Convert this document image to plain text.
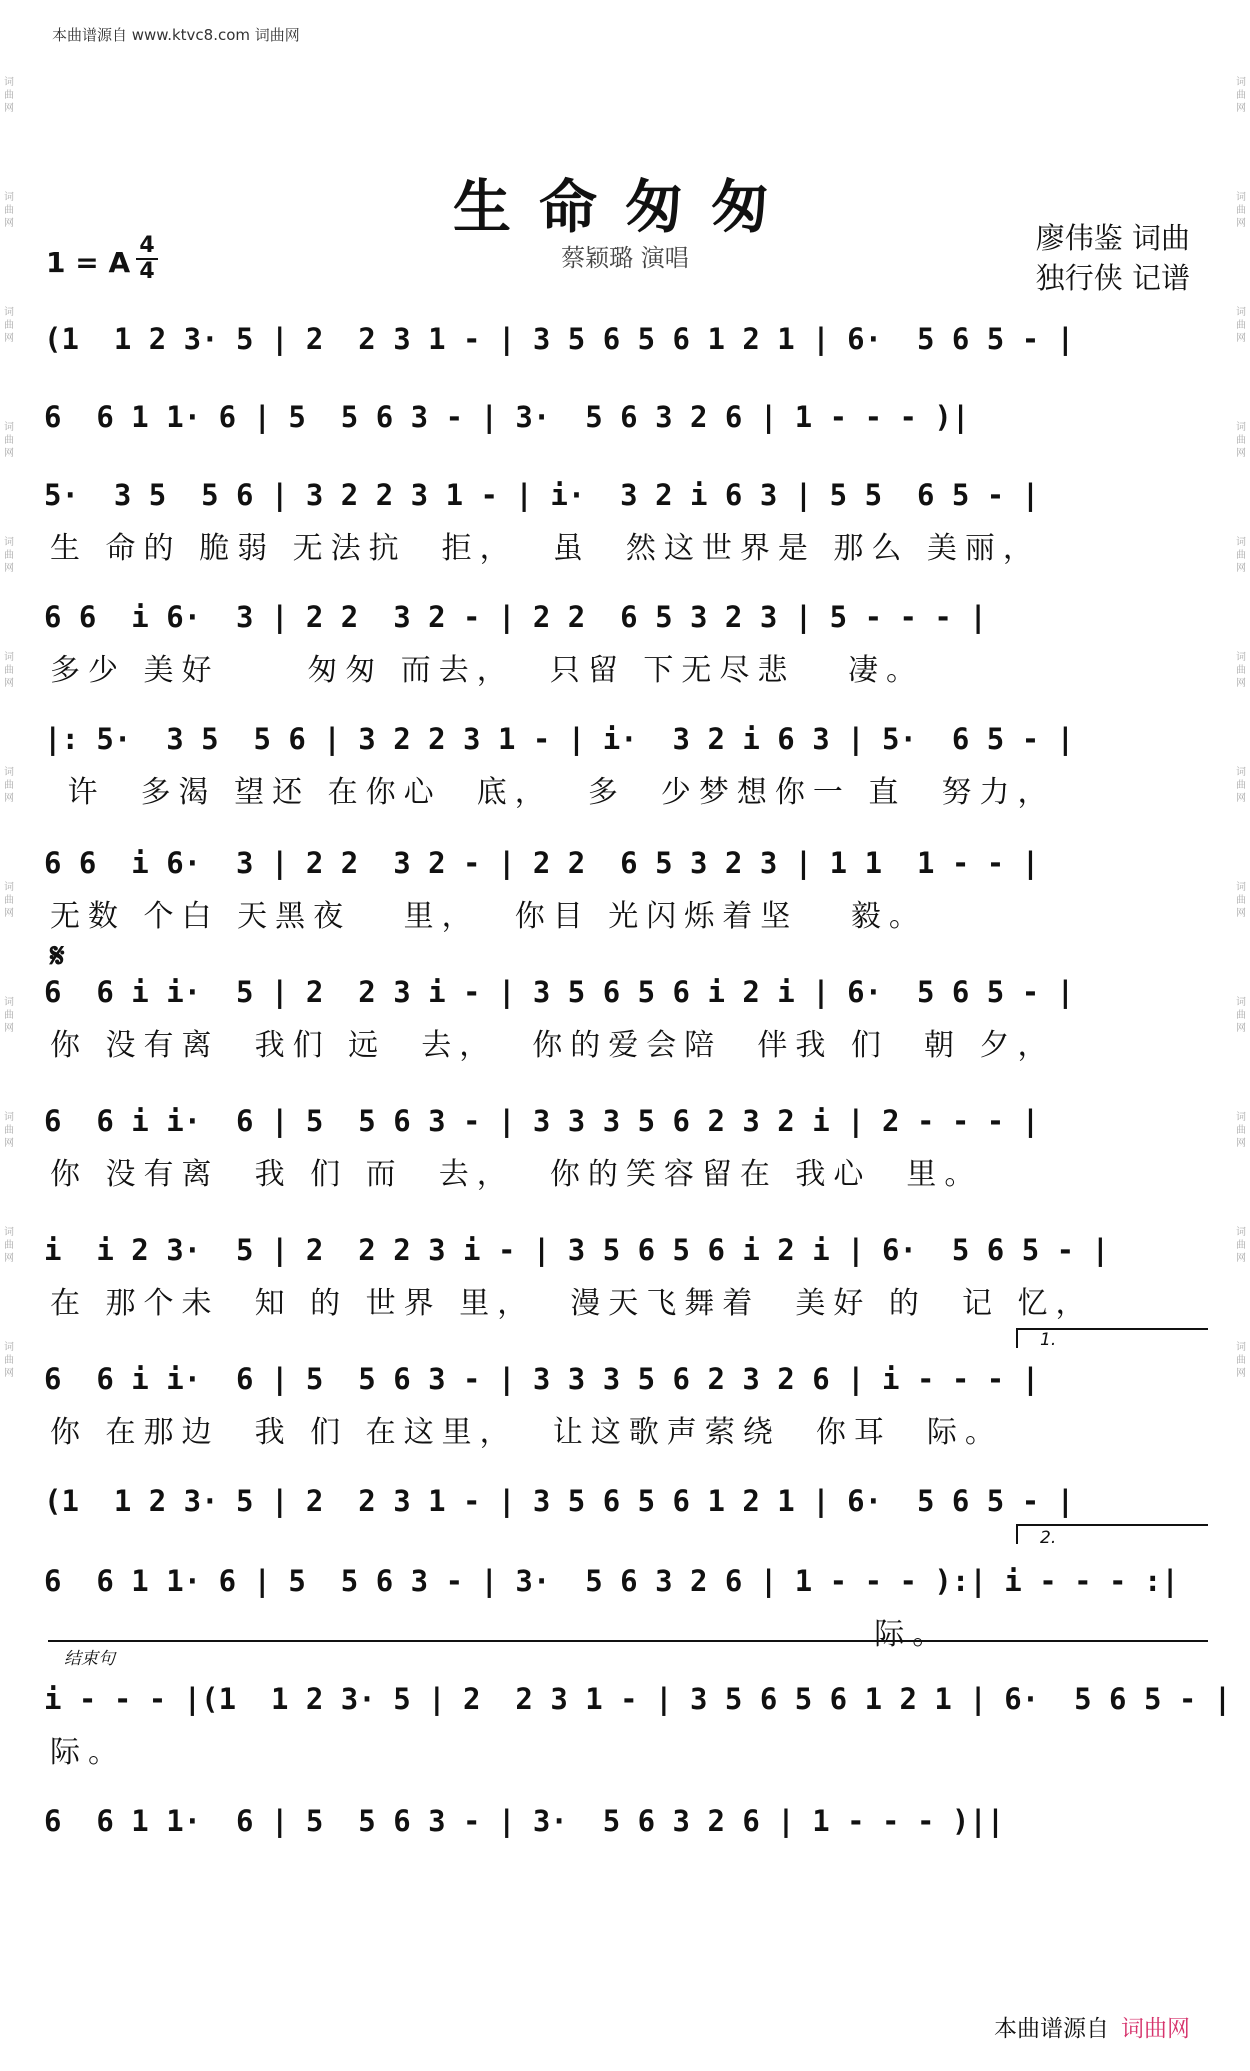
词曲网
词曲网
词曲网
词曲网
词曲网
词曲网
词曲网
词曲网
词曲网
词曲网
词曲网
词曲网
词曲网
词曲网
词曲网
词曲网
词曲网
词曲网
词曲网
词曲网
词曲网
词曲网
词曲网
词曲网
本曲谱源自 www.ktvc8.com 词曲网
生命匆匆
蔡颖璐 演唱
廖伟鉴 词曲
独行侠 记谱
1 = A
4
4
(1  1 2 3· 5 | 2  2 3 1 - | 3 5 6 5 6 1 2 1 | 6·  5 6 5 - |
6  6 1 1· 6 | 5  5 6 3 - | 3·  5 6 3 2 6 | 1 - - - )|
5·  3 5  5 6 | 3 2 2 3 1 - | i·  3 2 i 6 3 | 5 5  6 5 - |
生 命的 脆弱 无法抗  拒，  虽  然这世界是 那么 美丽，
6 6  i 6·  3 | 2 2  3 2 - | 2 2  6 5 3 2 3 | 5 - - - |
多少 美好     匆匆 而去，  只留 下无尽悲   凄。
|: 5·  3 5  5 6 | 3 2 2 3 1 - | i·  3 2 i 6 3 | 5·  6 5 - |
许  多渴 望还 在你心  底，  多  少梦想你一 直  努力，
6 6  i 6·  3 | 2 2  3 2 - | 2 2  6 5 3 2 3 | 1 1  1 - - |
无数 个白 天黑夜   里，  你目 光闪烁着坚   毅。
𝄋
6  6 i i·  5 | 2  2 3 i - | 3 5 6 5 6 i 2 i | 6·  5 6 5 - |
你 没有离  我们 远  去，  你的爱会陪  伴我 们  朝 夕，
6  6 i i·  6 | 5  5 6 3 - | 3 3 3 5 6 2 3 2 i | 2 - - - |
你 没有离  我 们 而  去，  你的笑容留在 我心  里。
i  i 2 3·  5 | 2  2 2 3 i - | 3 5 6 5 6 i 2 i | 6·  5 6 5 - |
在 那个未  知 的 世界 里，  漫天飞舞着  美好 的  记 忆，
1.
6  6 i i·  6 | 5  5 6 3 - | 3 3 3 5 6 2 3 2 6 | i - - - |
你 在那边  我 们 在这里，  让这歌声萦绕  你耳  际。
(1  1 2 3· 5 | 2  2 3 1 - | 3 5 6 5 6 1 2 1 | 6·  5 6 5 - |
2.
6  6 1 1· 6 | 5  5 6 3 - | 3·  5 6 3 2 6 | 1 - - - ):| i - - - :|
际。
结束句
i - - - |(1  1 2 3· 5 | 2  2 3 1 - | 3 5 6 5 6 1 2 1 | 6·  5 6 5 - |
际。
6  6 1 1·  6 | 5  5 6 3 - | 3·  5 6 3 2 6 | 1 - - - )||
本曲谱源自 词曲网
